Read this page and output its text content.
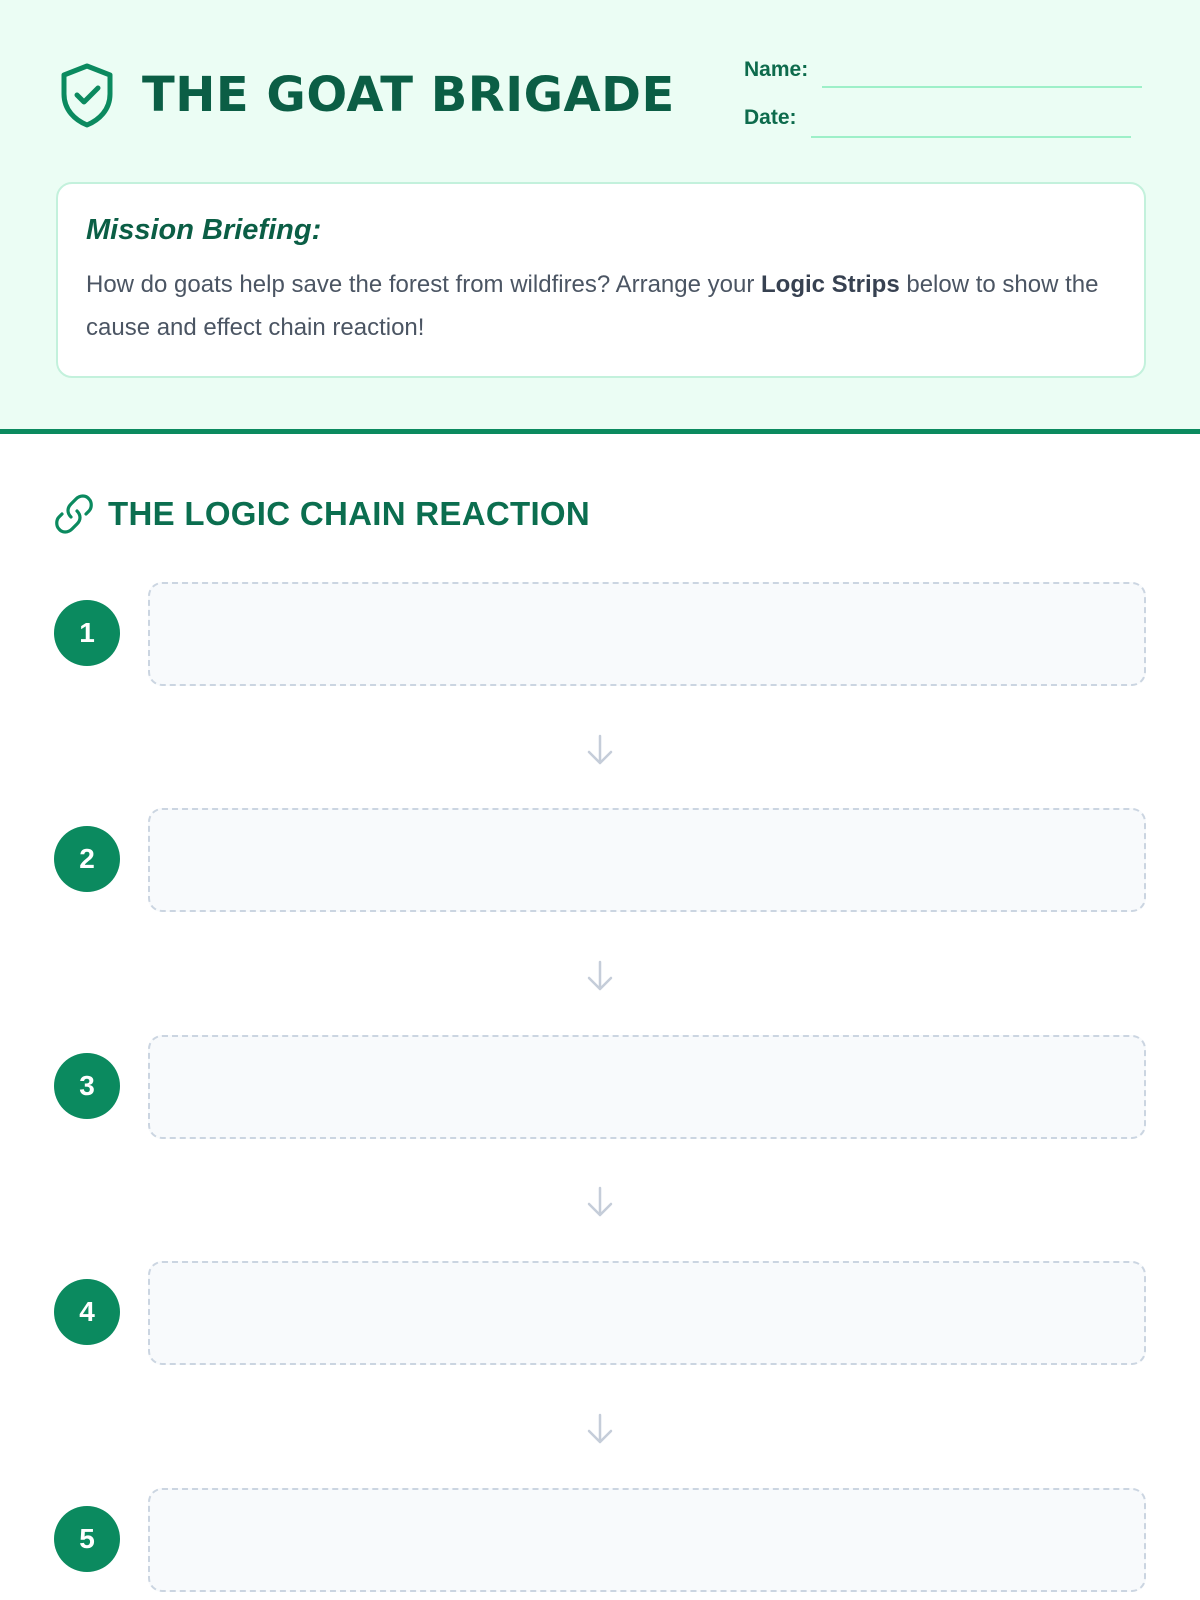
THE GOAT BRIGADE	Name:
Date:
Mission Briefing:
How do goats help save the forest from wildfires? Arrange your Logic Strips below to show the cause and effect chain reaction!
THE LOGIC CHAIN REACTION
1
2
3
4
5
